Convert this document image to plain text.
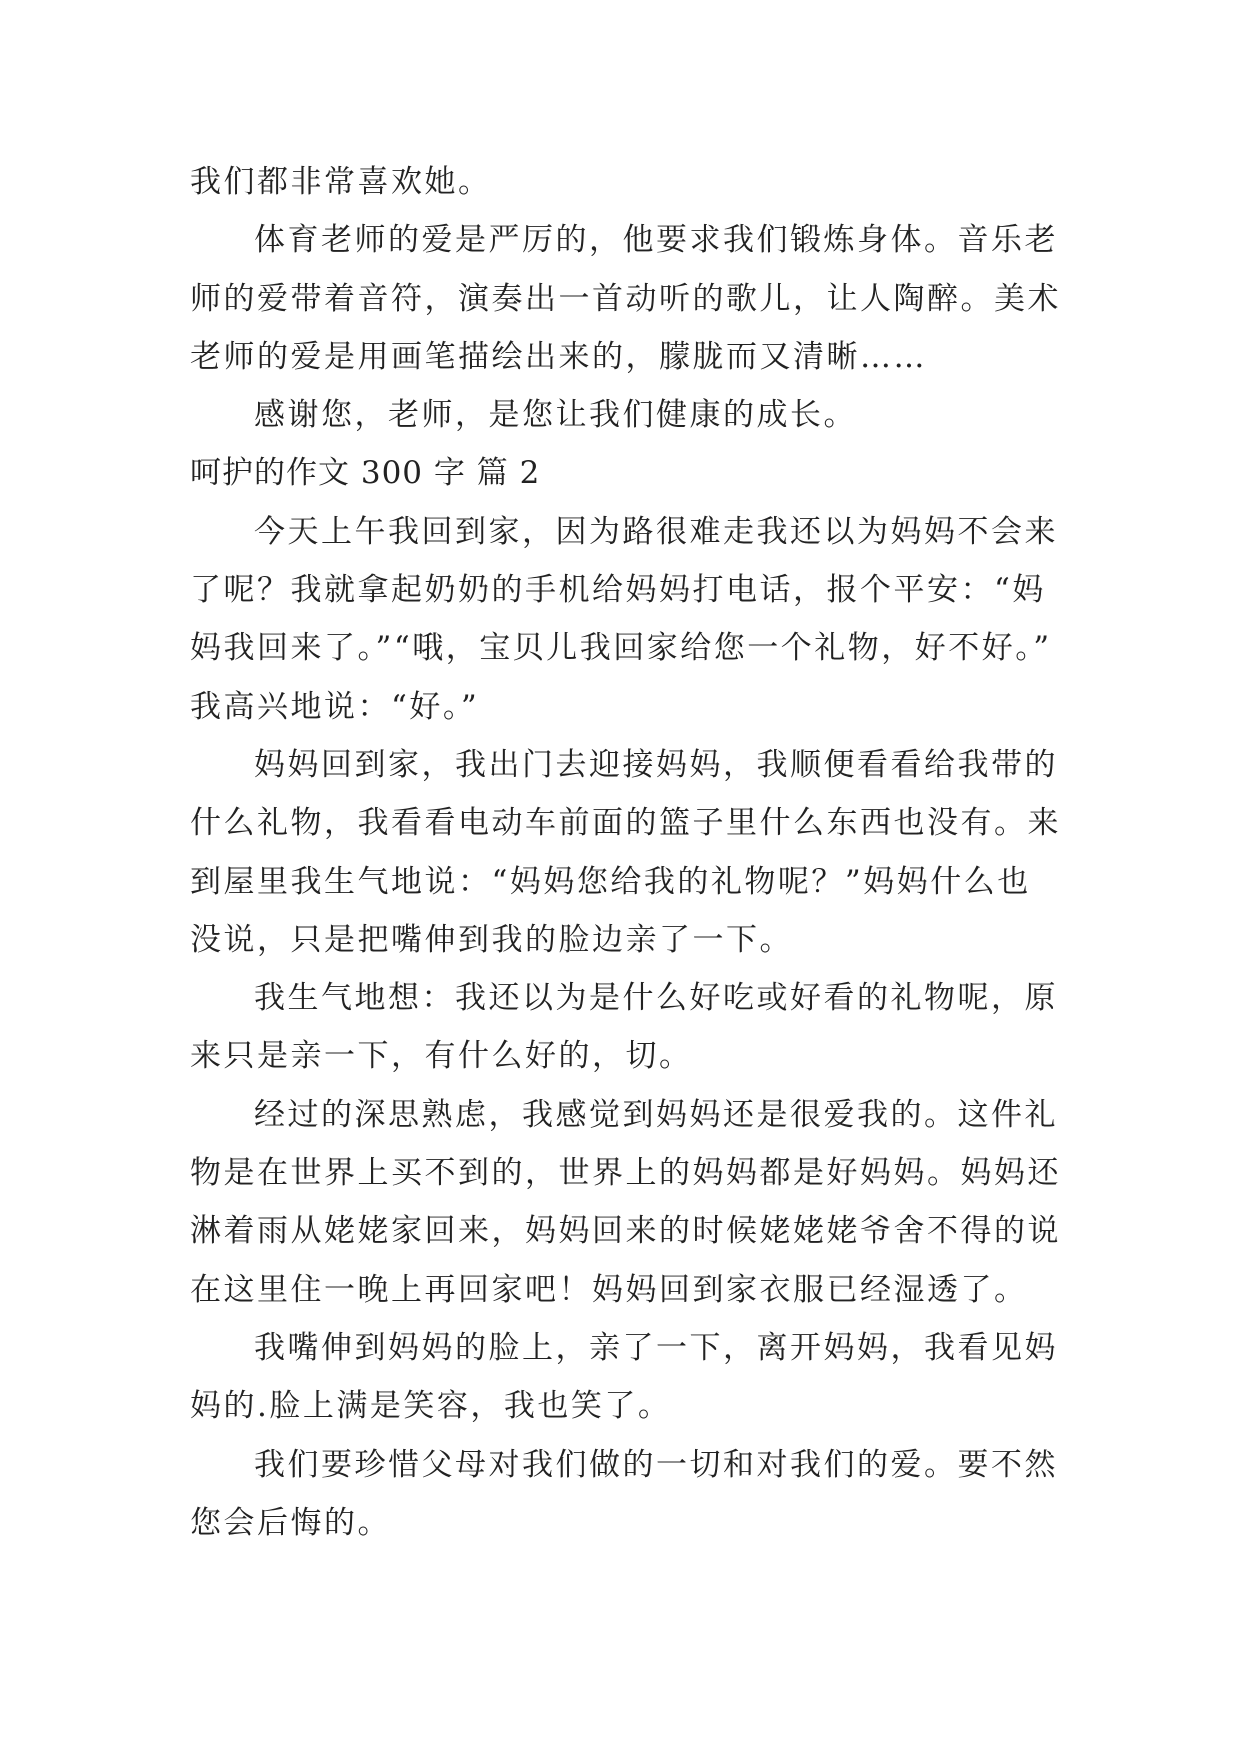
我们都非常喜欢她。
体育老师的爱是严厉的，他要求我们锻炼身体。音乐老
师的爱带着音符，演奏出一首动听的歌儿，让人陶醉。美术
老师的爱是用画笔描绘出来的，朦胧而又清晰……
感谢您，老师，是您让我们健康的成长。
呵护的作文 300 字 篇 2
今天上午我回到家，因为路很难走我还以为妈妈不会来
了呢？我就拿起奶奶的手机给妈妈打电话，报个平安：“妈
妈我回来了。”“哦，宝贝儿我回家给您一个礼物，好不好。”
我高兴地说：“好。”
妈妈回到家，我出门去迎接妈妈，我顺便看看给我带的
什么礼物，我看看电动车前面的篮子里什么东西也没有。来
到屋里我生气地说：“妈妈您给我的礼物呢？”妈妈什么也
没说，只是把嘴伸到我的脸边亲了一下。
我生气地想：我还以为是什么好吃或好看的礼物呢，原
来只是亲一下，有什么好的，切。
经过的深思熟虑，我感觉到妈妈还是很爱我的。这件礼
物是在世界上买不到的，世界上的妈妈都是好妈妈。妈妈还
淋着雨从姥姥家回来，妈妈回来的时候姥姥姥爷舍不得的说
在这里住一晚上再回家吧！妈妈回到家衣服已经湿透了。
我嘴伸到妈妈的脸上，亲了一下，离开妈妈，我看见妈
妈的.脸上满是笑容，我也笑了。
我们要珍惜父母对我们做的一切和对我们的爱。要不然
您会后悔的。
